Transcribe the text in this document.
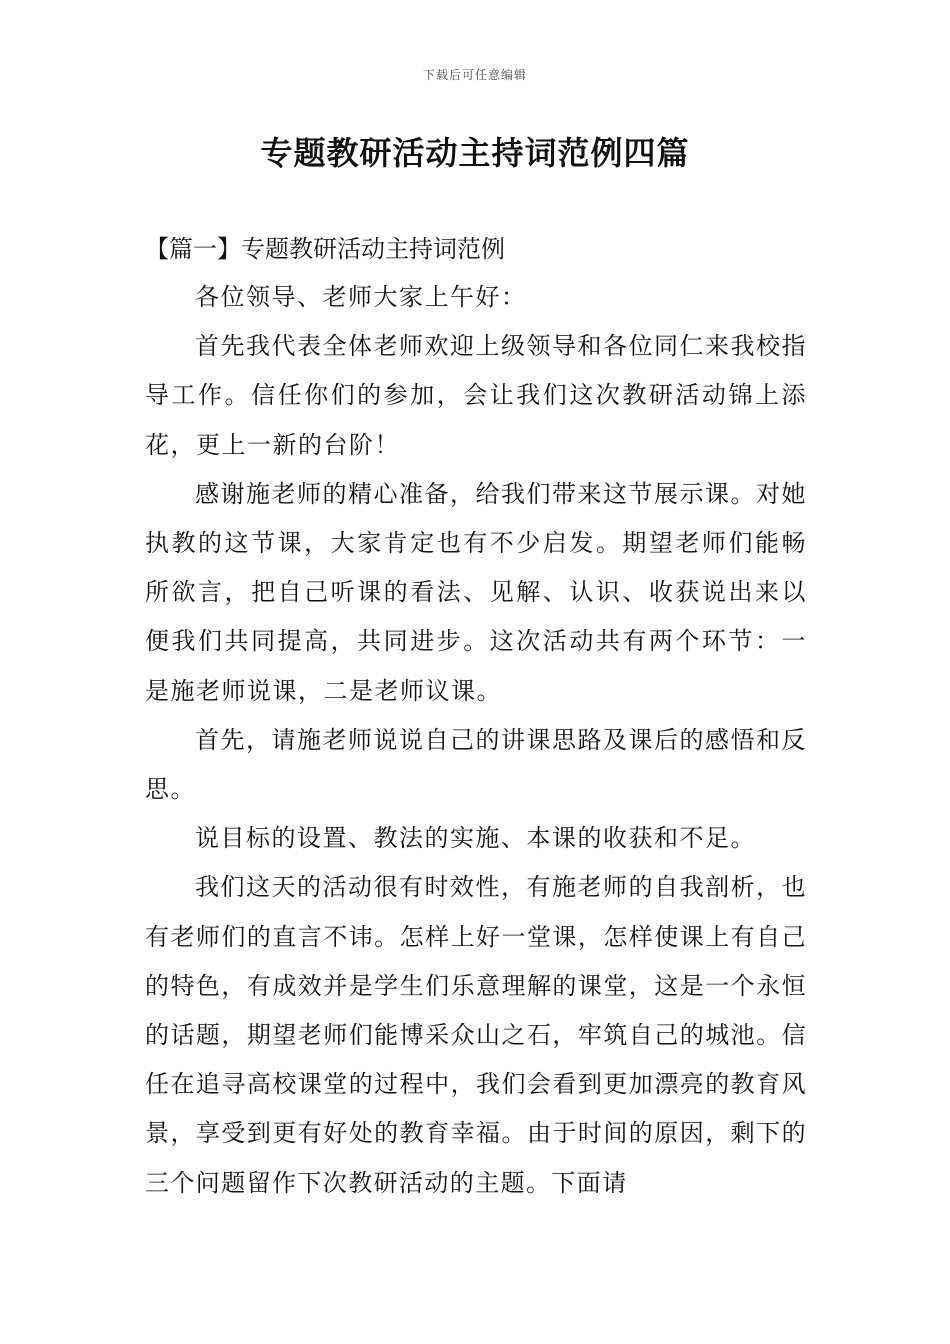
下载后可任意编辑
专题教研活动主持词范例四篇

【篇一】专题教研活动主持词范例

各位领导、老师大家上午好：

首先我代表全体老师欢迎上级领导和各位同仁来我校指导工作。信任你们的参加，会让我们这次教研活动锦上添花，更上一新的台阶！

感谢施老师的精心准备，给我们带来这节展示课。对她执教的这节课，大家肯定也有不少启发。期望老师们能畅所欲言，把自己听课的看法、见解、认识、收获说出来以便我们共同提高，共同进步。这次活动共有两个环节：一是施老师说课，二是老师议课。

首先，请施老师说说自己的讲课思路及课后的感悟和反思。

说目标的设置、教法的实施、本课的收获和不足。

我们这天的活动很有时效性，有施老师的自我剖析，也有老师们的直言不讳。怎样上好一堂课，怎样使课上有自己的特色，有成效并是学生们乐意理解的课堂，这是一个永恒的话题，期望老师们能博采众山之石，牢筑自己的城池。信任在追寻高校课堂的过程中，我们会看到更加漂亮的教育风景，享受到更有好处的教育幸福。由于时间的原因，剩下的三个问题留作下次教研活动的主题。下面请
